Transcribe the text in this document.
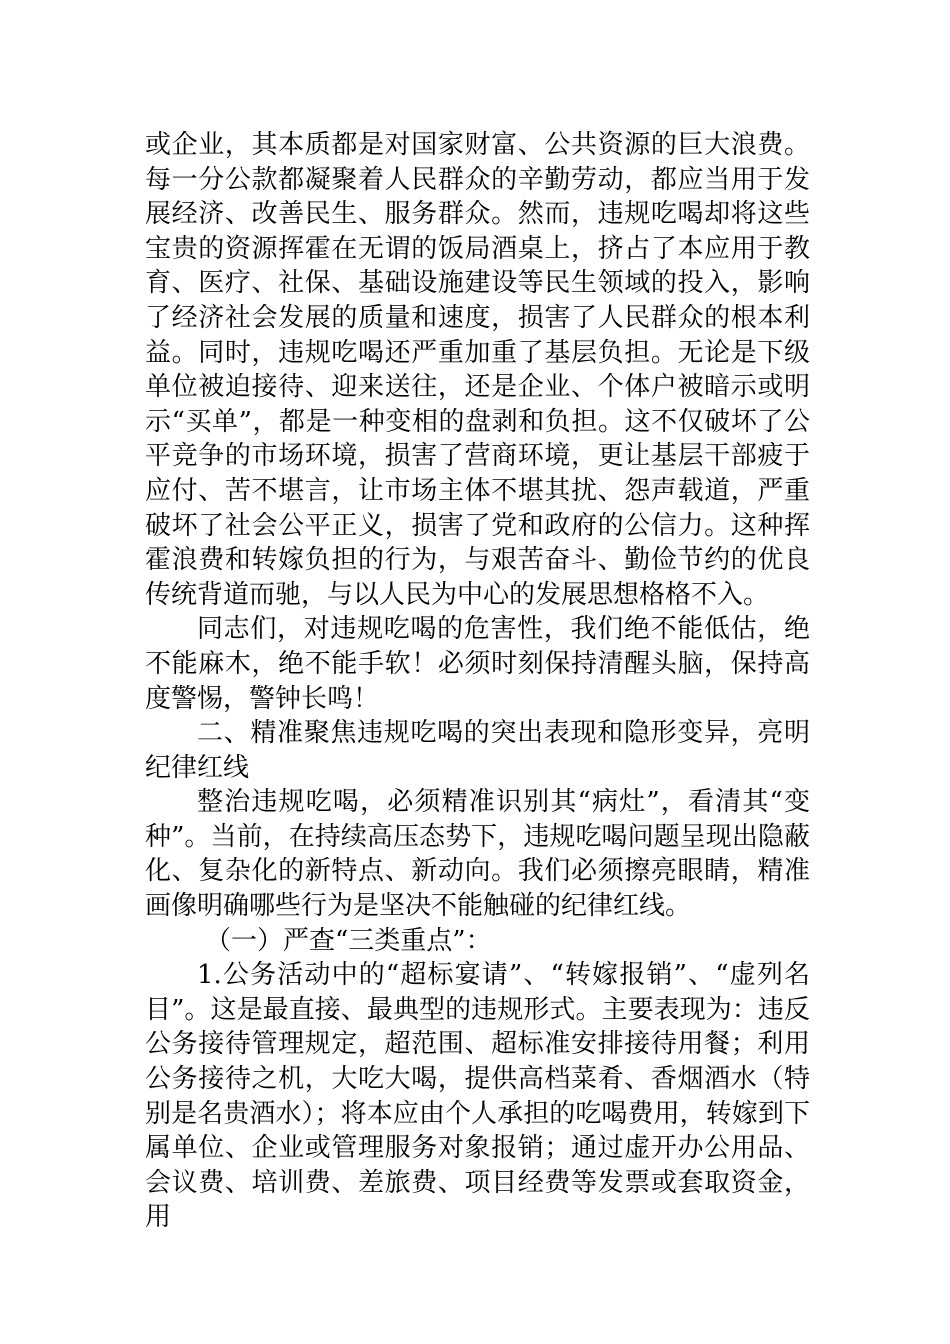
或企业，其本质都是对国家财富、公共资源的巨大浪费。每一分公款都凝聚着人民群众的辛勤劳动，都应当用于发展经济、改善民生、服务群众。然而，违规吃喝却将这些宝贵的资源挥霍在无谓的饭局酒桌上，挤占了本应用于教育、医疗、社保、基础设施建设等民生领域的投入，影响了经济社会发展的质量和速度，损害了人民群众的根本利益。同时，违规吃喝还严重加重了基层负担。无论是下级单位被迫接待、迎来送往，还是企业、个体户被暗示或明示“买单”，都是一种变相的盘剥和负担。这不仅破坏了公平竞争的市场环境，损害了营商环境，更让基层干部疲于应付、苦不堪言，让市场主体不堪其扰、怨声载道，严重破坏了社会公平正义，损害了党和政府的公信力。这种挥霍浪费和转嫁负担的行为，与艰苦奋斗、勤俭节约的优良传统背道而驰，与以人民为中心的发展思想格格不入。

同志们，对违规吃喝的危害性，我们绝不能低估，绝不能麻木，绝不能手软！必须时刻保持清醒头脑，保持高度警惕，警钟长鸣！

二、精准聚焦违规吃喝的突出表现和隐形变异，亮明纪律红线

整治违规吃喝，必须精准识别其“病灶”，看清其“变种”。当前，在持续高压态势下，违规吃喝问题呈现出隐蔽化、复杂化的新特点、新动向。我们必须擦亮眼睛，精准画像明确哪些行为是坚决不能触碰的纪律红线。

（一）严查“三类重点”：

1.公务活动中的“超标宴请”、“转嫁报销”、“虚列名目”。这是最直接、最典型的违规形式。主要表现为：违反公务接待管理规定，超范围、超标准安排接待用餐；利用公务接待之机，大吃大喝，提供高档菜肴、香烟酒水（特别是名贵酒水）；将本应由个人承担的吃喝费用，转嫁到下属单位、企业或管理服务对象报销；通过虚开办公用品、会议费、培训费、差旅费、项目经费等发票或套取资金，用
